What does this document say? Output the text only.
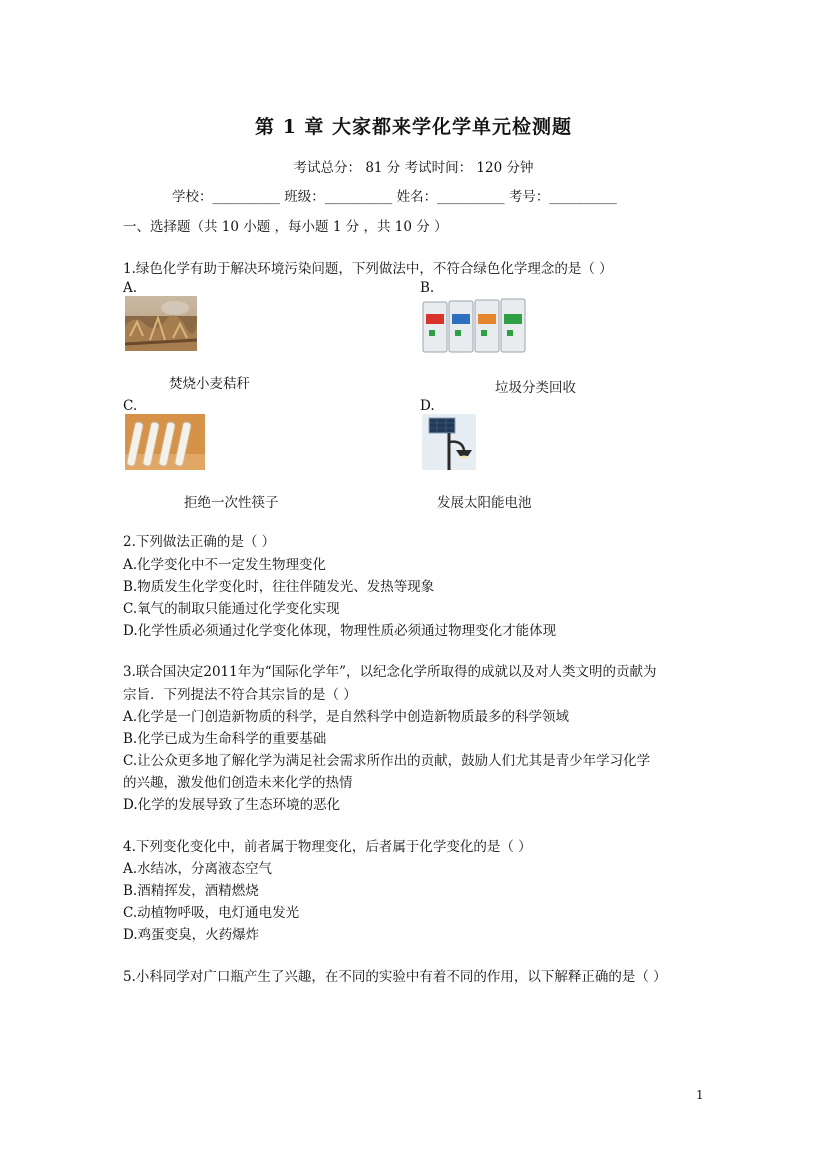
第 1 章 大家都来学化学单元检测题
考试总分： 81 分 考试时间： 120 分钟
学校：__________ 班级：__________ 姓名：__________ 考号：__________
一、选择题（共 10 小题 ，每小题 1 分 ，共 10 分 ）
1.绿色化学有助于解决环境污染问题，下列做法中，不符合绿色化学理念的是（ ）
A.
焚烧小麦秸秆
B.
垃圾分类回收
C.
拒绝一次性筷子
D.
发展太阳能电池
2.下列做法正确的是（ ）
A.化学变化中不一定发生物理变化
B.物质发生化学变化时，往往伴随发光、发热等现象
C.氧气的制取只能通过化学变化实现
D.化学性质必须通过化学变化体现，物理性质必须通过物理变化才能体现
3.联合国决定2011年为“国际化学年”，以纪念化学所取得的成就以及对人类文明的贡献为
宗旨．下列提法不符合其宗旨的是（ ）
A.化学是一门创造新物质的科学，是自然科学中创造新物质最多的科学领域
B.化学已成为生命科学的重要基础
C.让公众更多地了解化学为满足社会需求所作出的贡献，鼓励人们尤其是青少年学习化学
的兴趣，激发他们创造未来化学的热情
D.化学的发展导致了生态环境的恶化
4.下列变化变化中，前者属于物理变化，后者属于化学变化的是（ ）
A.水结冰，分离液态空气
B.酒精挥发，酒精燃烧
C.动植物呼吸，电灯通电发光
D.鸡蛋变臭，火药爆炸
5.小科同学对广口瓶产生了兴趣，在不同的实验中有着不同的作用，以下解释正确的是（ ）
1
